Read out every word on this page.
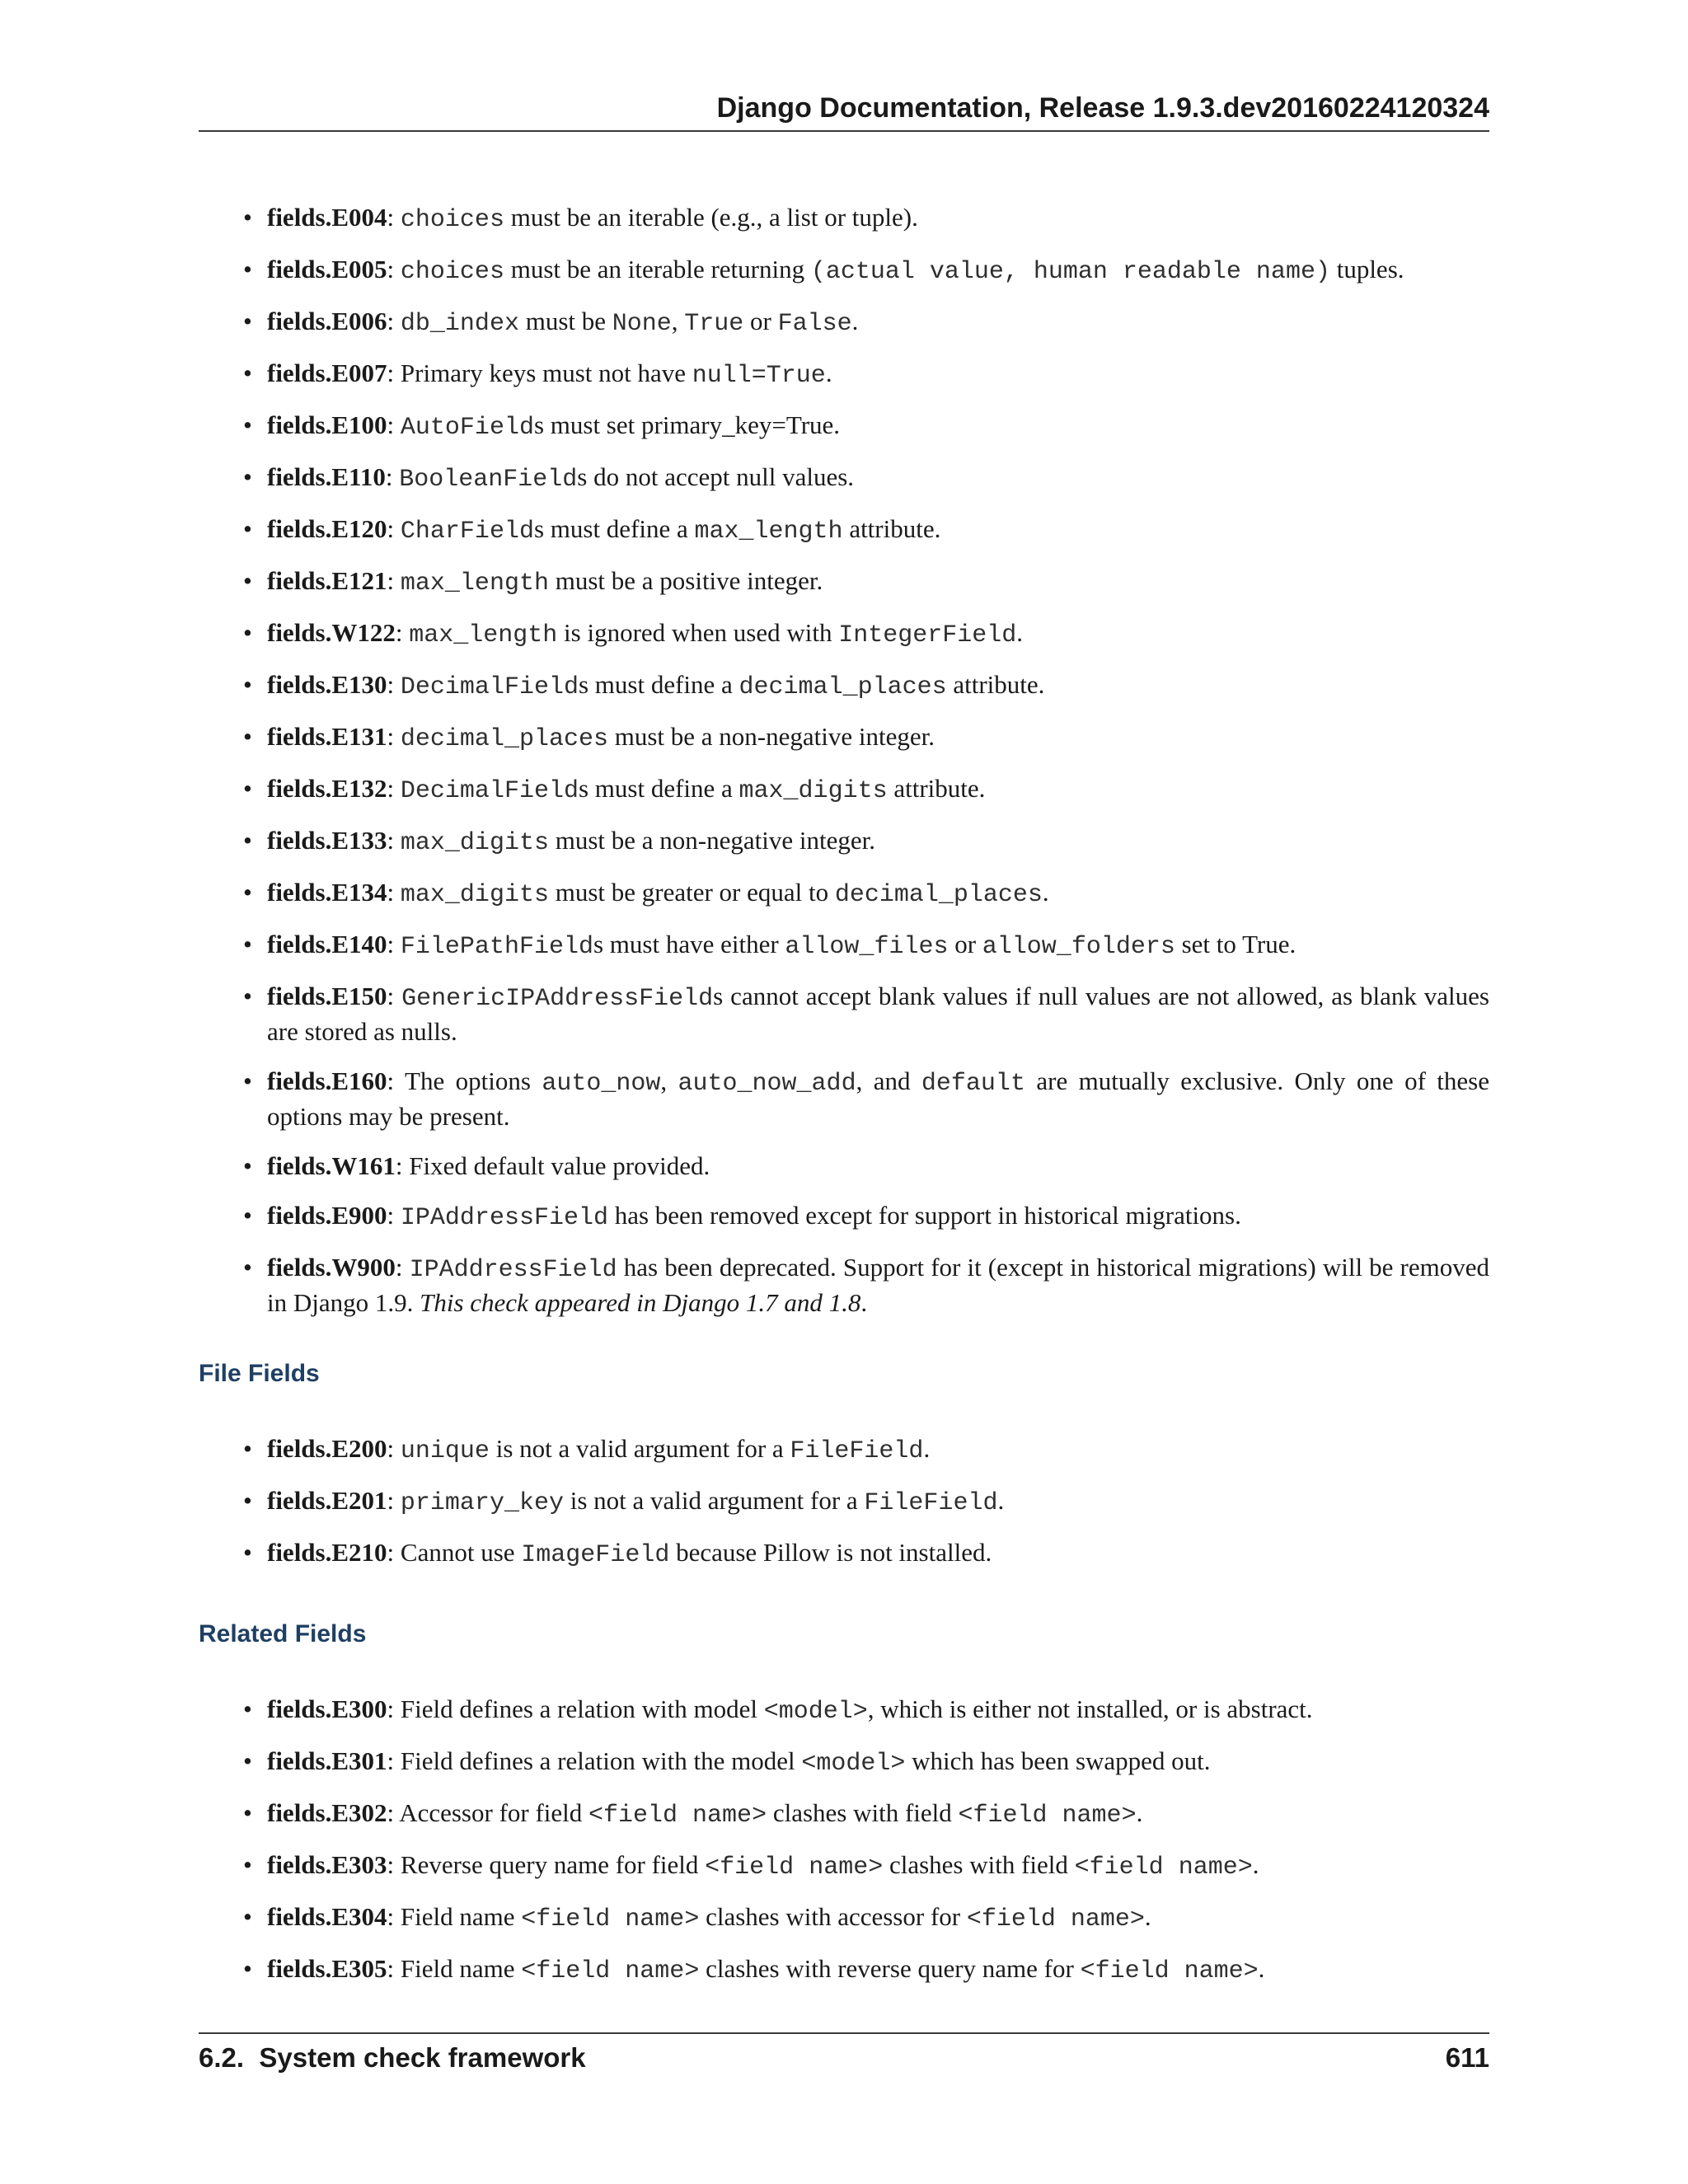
Django Documentation, Release 1.9.3.dev20160224120324
• fields.E004: choices must be an iterable (e.g., a list or tuple).
• fields.E005: choices must be an iterable returning (actual value, human readable name) tuples.
• fields.E006: db_index must be None, True or False.
• fields.E007: Primary keys must not have null=True.
• fields.E100: AutoFields must set primary_key=True.
• fields.E110: BooleanFields do not accept null values.
• fields.E120: CharFields must define a max_length attribute.
• fields.E121: max_length must be a positive integer.
• fields.W122: max_length is ignored when used with IntegerField.
• fields.E130: DecimalFields must define a decimal_places attribute.
• fields.E131: decimal_places must be a non-negative integer.
• fields.E132: DecimalFields must define a max_digits attribute.
• fields.E133: max_digits must be a non-negative integer.
• fields.E134: max_digits must be greater or equal to decimal_places.
• fields.E140: FilePathFields must have either allow_files or allow_folders set to True.
• fields.E150: GenericIPAddressFields cannot accept blank values if null values are not allowed, as blank values are stored as nulls.
• fields.E160: The options auto_now, auto_now_add, and default are mutually exclusive. Only one of these options may be present.
• fields.W161: Fixed default value provided.
• fields.E900: IPAddressField has been removed except for support in historical migrations.
• fields.W900: IPAddressField has been deprecated. Support for it (except in historical migrations) will be removed in Django 1.9. This check appeared in Django 1.7 and 1.8.
File Fields
• fields.E200: unique is not a valid argument for a FileField.
• fields.E201: primary_key is not a valid argument for a FileField.
• fields.E210: Cannot use ImageField because Pillow is not installed.
Related Fields
• fields.E300: Field defines a relation with model <model>, which is either not installed, or is abstract.
• fields.E301: Field defines a relation with the model <model> which has been swapped out.
• fields.E302: Accessor for field <field name> clashes with field <field name>.
• fields.E303: Reverse query name for field <field name> clashes with field <field name>.
• fields.E304: Field name <field name> clashes with accessor for <field name>.
• fields.E305: Field name <field name> clashes with reverse query name for <field name>.
6.2.  System check framework	611
